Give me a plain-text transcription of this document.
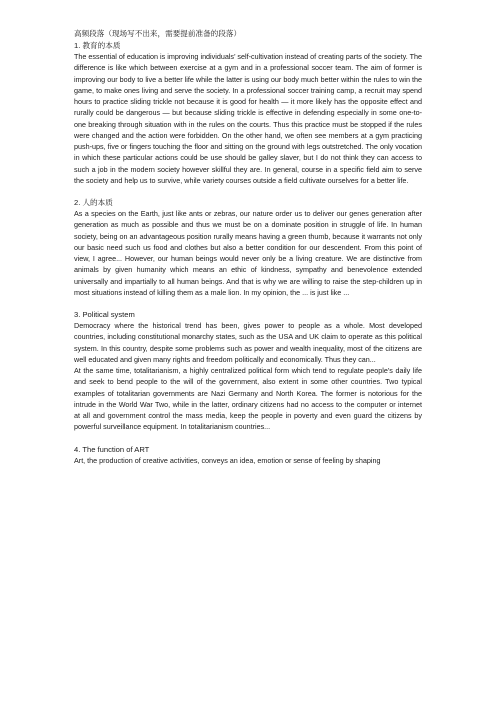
高频段落（现场写不出来，需要提前准备的段落）
1. 教育的本质

The essential of education is improving individuals’ self-cultivation instead of creating parts of the society. The difference is like which between exercise at a gym and in a professional soccer team. The aim of former is improving our body to live a better life while the latter is using our body much better within the rules to win the game, to make ones living and serve the society. In a professional soccer training camp, a recruit may spend hours to practice sliding trickle not because it is good for health — it more likely has the opposite effect and rurally could be dangerous — but because sliding trickle is effective in defending especially in some one-to-one breaking through situation with in the rules on the courts. Thus this practice must be stopped if the rules were changed and the action were forbidden. On the other hand, we often see members at a gym practicing push-ups, five or fingers touching the floor and sitting on the ground with legs outstretched. The only vocation in which these particular actions could be use should be galley slaver, but I do not think they can access to such a job in the modern society however skillful they are. In general, course in a specific field aim to serve the society and help us to survive, while variety courses outside a field cultivate ourselves for a better life.

2. 人的本质

As a species on the Earth, just like ants or zebras, our nature order us to deliver our genes generation after generation as much as possible and thus we must be on a dominate position in struggle of life. In human society, being on an advantageous position rurally means having a green thumb, because it warrants not only our basic need such us food and clothes but also a better condition for our descendent. From this point of view, I agree... However, our human beings would never only be a living creature. We are distinctive from animals by given humanity which means an ethic of kindness, sympathy and benevolence extended universally and impartially to all human beings. And that is why we are willing to raise the step-children up in most situations instead of killing them as a male lion. In my opinion, the ... is just like ...

3. Political system

Democracy where the historical trend has been, gives power to people as a whole. Most developed countries, including constitutional monarchy states, such as the USA and UK claim to operate as this political system. In this country, despite some problems such as power and wealth inequality, most of the citizens are well educated and given many rights and freedom politically and economically. Thus they can...

At the same time, totalitarianism, a highly centralized political form which tend to regulate people’s daily life and seek to bend people to the will of the government, also extent in some other countries. Two typical examples of totalitarian governments are Nazi Germany and North Korea. The former is notorious for the intrude in the World War Two, while in the latter, ordinary citizens had no access to the computer or internet at all and government control the mass media, keep the people in poverty and even guard the citizens by powerful surveillance equipment. In totalitarianism countries...

4. The function of ART

Art, the production of creative activities, conveys an idea, emotion or sense of feeling by shaping
